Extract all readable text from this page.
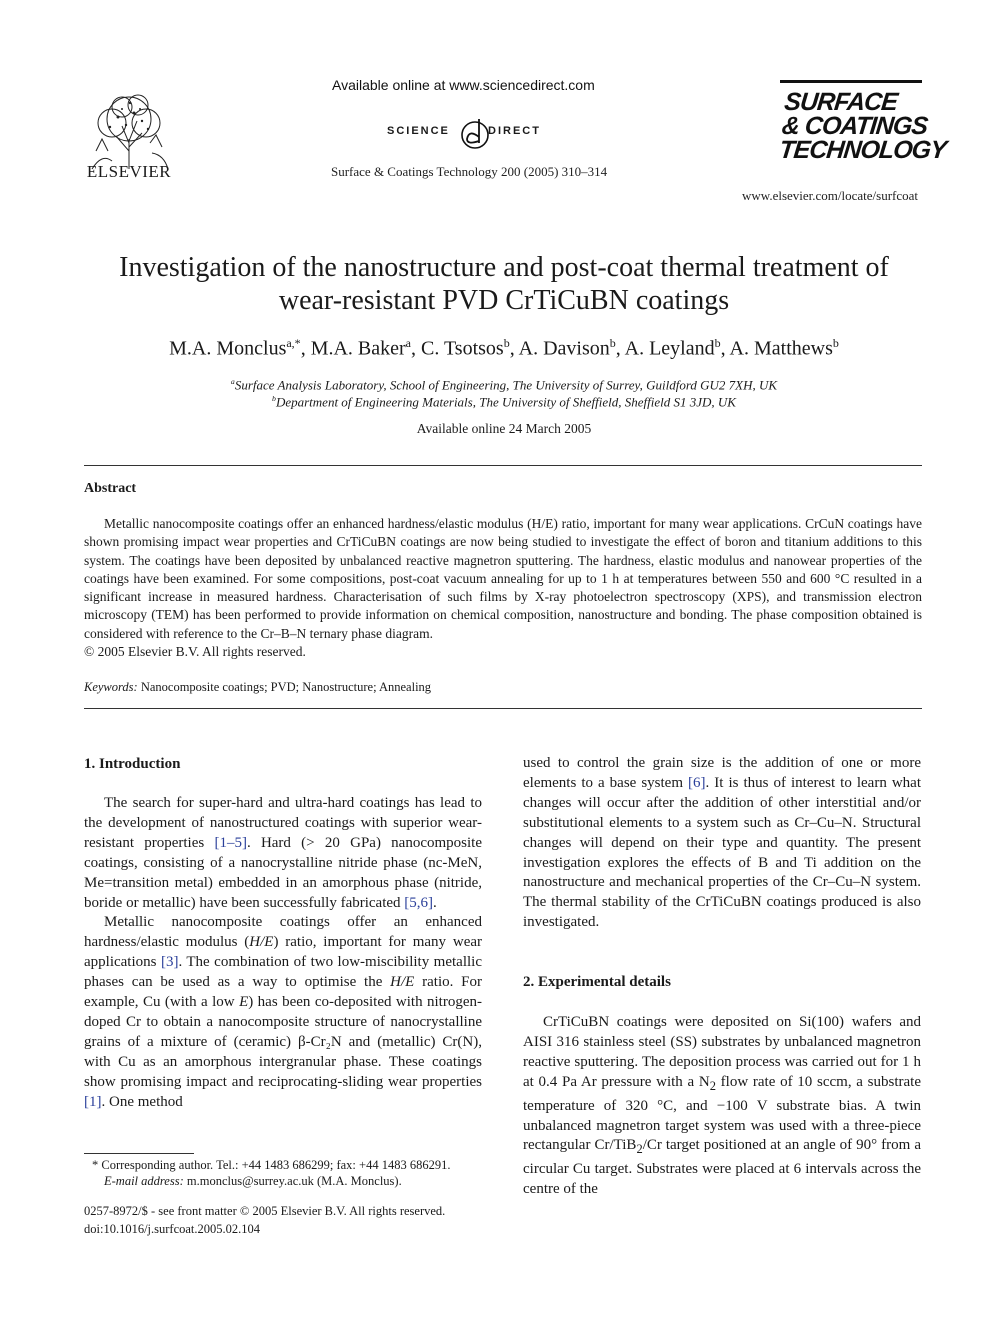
ELSEVIER
Available online at www.sciencedirect.com
SCIENCE	DIRECT
Surface & Coatings Technology 200 (2005) 310–314
SURFACE
& COATINGS
TECHNOLOGY
www.elsevier.com/locate/surfcoat
Investigation of the nanostructure and post-coat thermal treatment of
wear-resistant PVD CrTiCuBN coatings
M.A. Monclus$^{a,*}$, M.A. Baker$^a$, C. Tsotsos$^b$, A. Davison$^b$, A. Leyland$^b$, A. Matthews$^b$
$^a$Surface Analysis Laboratory, School of Engineering, The University of Surrey, Guildford GU2 7XH, UK
$^b$Department of Engineering Materials, The University of Sheffield, Sheffield S1 3JD, UK
Available online 24 March 2005
Abstract
Metallic nanocomposite coatings offer an enhanced hardness/elastic modulus (H/E) ratio, important for many wear applications. CrCuN coatings have shown promising impact wear properties and CrTiCuBN coatings are now being studied to investigate the effect of boron and titanium additions to this system. The coatings have been deposited by unbalanced reactive magnetron sputtering. The hardness, elastic modulus and nanowear properties of the coatings have been examined. For some compositions, post-coat vacuum annealing for up to 1 h at temperatures between 550 and 600 °C resulted in a significant increase in measured hardness. Characterisation of such films by X-ray photoelectron spectroscopy (XPS), and transmission electron microscopy (TEM) has been performed to provide information on chemical composition, nanostructure and bonding. The phase composition obtained is considered with reference to the Cr–B–N ternary phase diagram.
© 2005 Elsevier B.V. All rights reserved.
Keywords: Nanocomposite coatings; PVD; Nanostructure; Annealing
1. Introduction

The search for super-hard and ultra-hard coatings has lead to the development of nanostructured coatings with superior wear-resistant properties [1–5]. Hard (> 20 GPa) nanocomposite coatings, consisting of a nanocrystalline nitride phase (nc-MeN, Me=transition metal) embedded in an amorphous phase (nitride, boride or metallic) have been successfully fabricated [5,6].

Metallic nanocomposite coatings offer an enhanced hardness/elastic modulus (H/E) ratio, important for many wear applications [3]. The combination of two low-miscibility metallic phases can be used as a way to optimise the H/E ratio. For example, Cu (with a low E) has been co-deposited with nitrogen-doped Cr to obtain a nanocomposite structure of nanocrystalline grains of a mixture of (ceramic) β-Cr₂N and (metallic) Cr(N), with Cu as an amorphous intergranular phase. These coatings show promising impact and reciprocating-sliding wear properties [1]. One method

used to control the grain size is the addition of one or more elements to a base system [6]. It is thus of interest to learn what changes will occur after the addition of other interstitial and/or substitutional elements to a system such as Cr–Cu–N. Structural changes will depend on their type and quantity. The present investigation explores the effects of B and Ti addition on the nanostructure and mechanical properties of the Cr–Cu–N system. The thermal stability of the CrTiCuBN coatings produced is also investigated.

2. Experimental details

CrTiCuBN coatings were deposited on Si(100) wafers and AISI 316 stainless steel (SS) substrates by unbalanced magnetron reactive sputtering. The deposition process was carried out for 1 h at 0.4 Pa Ar pressure with a $N_2$ flow rate of 10 sccm, a substrate temperature of 320 °C, and −100 V substrate bias. A twin unbalanced magnetron target system was used with a three-piece rectangular Cr/TiB$_2$/Cr target positioned at an angle of 90° from a circular Cu target. Substrates were placed at 6 intervals across the centre of the

* Corresponding author. Tel.: +44 1483 686299; fax: +44 1483 686291.
E-mail address: m.monclus@surrey.ac.uk (M.A. Monclus).
0257-8972/$ - see front matter © 2005 Elsevier B.V. All rights reserved.
doi:10.1016/j.surfcoat.2005.02.104
